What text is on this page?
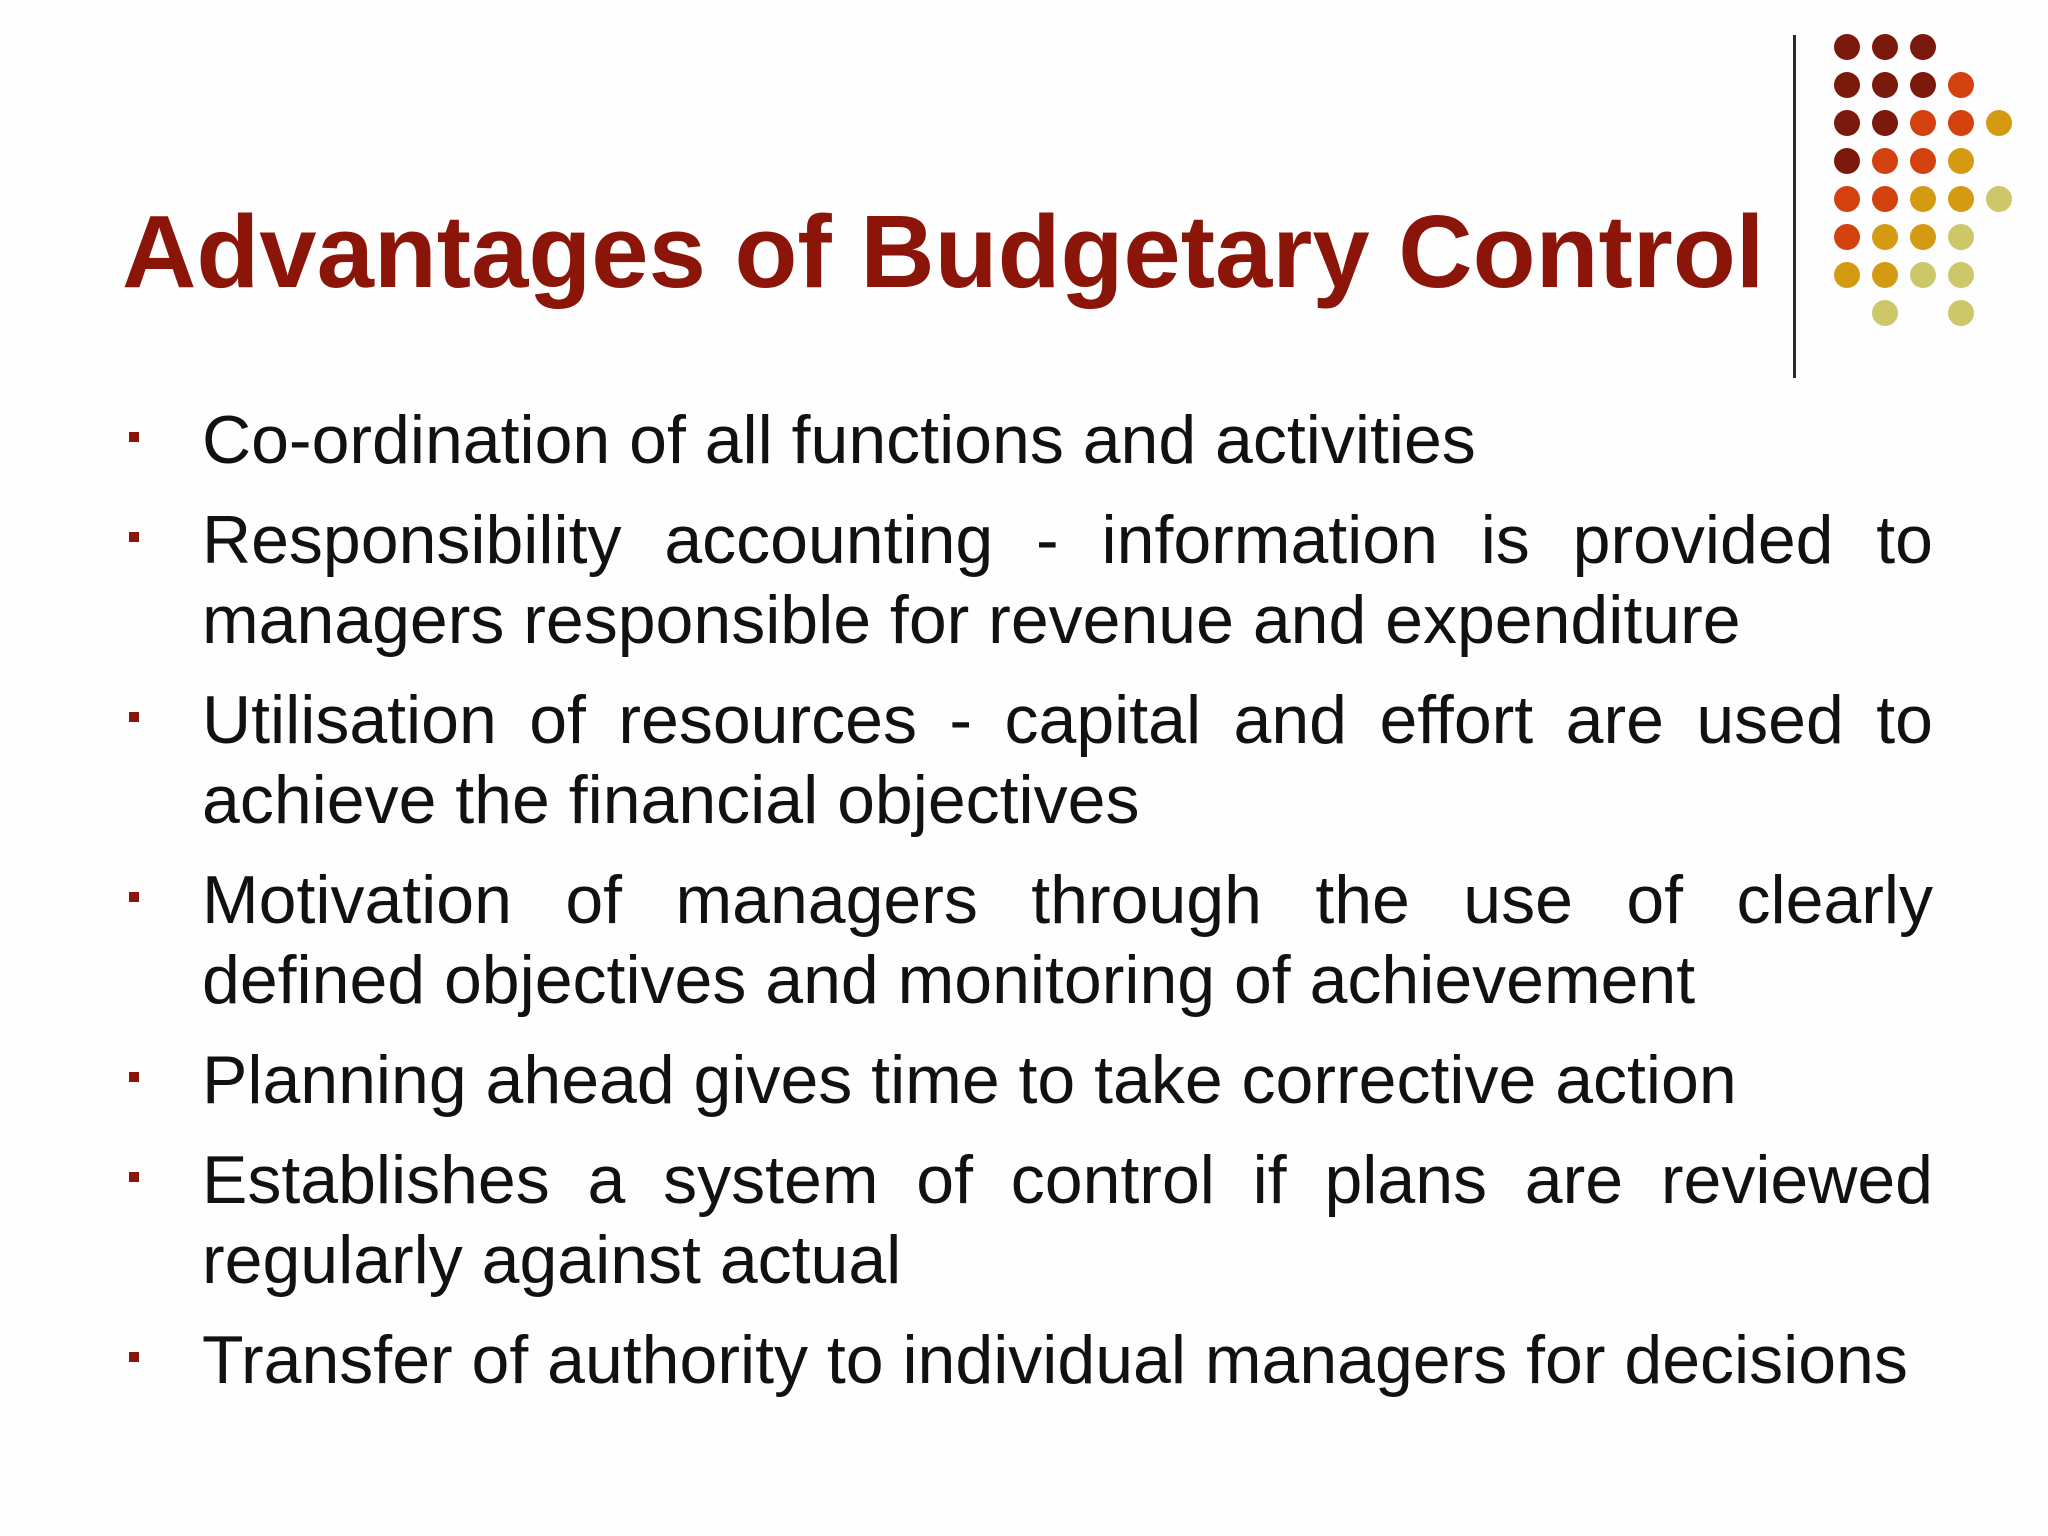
Advantages of Budgetary Control
Co-ordination of all functions and activities
Responsibility accounting - information is provided to managers responsible for revenue and expenditure
Utilisation of resources - capital and effort are used to achieve the financial objectives
Motivation of managers through the use of clearly defined objectives and monitoring of achievement
Planning ahead gives time to take corrective action
Establishes a system of control if plans are reviewed regularly against actual
Transfer of authority to individual managers for decisions
